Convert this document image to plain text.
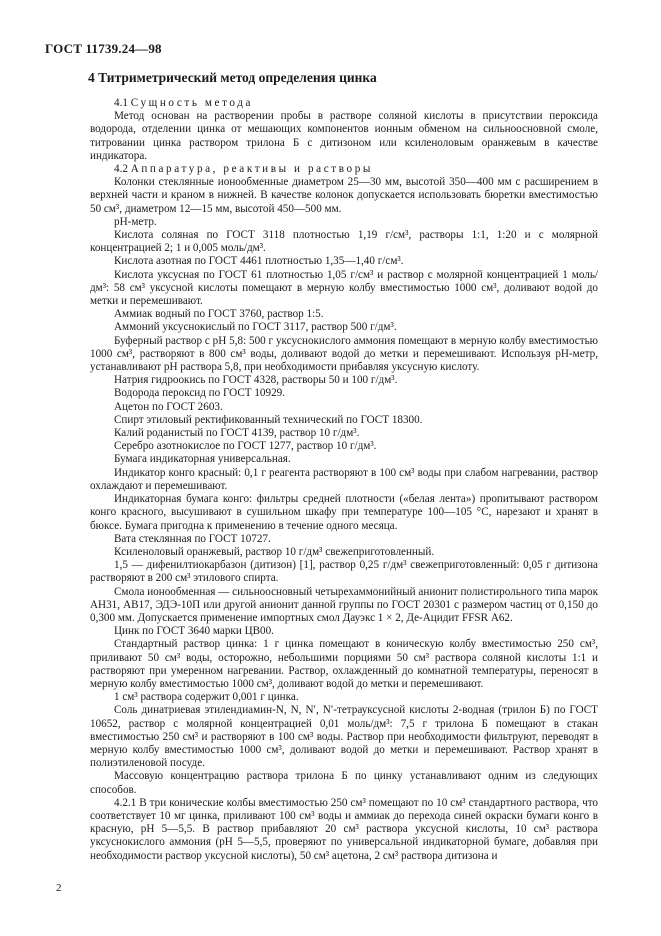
ГОСТ 11739.24—98
4 Титриметрический метод определения цинка

4.1 Сущность метода

Метод основан на растворении пробы в растворе соляной кислоты в присутствии пероксида водорода, отделении цинка от мешающих компонентов ионным обменом на сильноосновной смоле, титровании цинка раствором трилона Б с дитизоном или ксиленоловым оранжевым в качестве индикатора.

4.2 Аппаратура, реактивы и растворы

Колонки стеклянные ионообменные диаметром 25—30 мм, высотой 350—400 мм с расширением в верхней части и краном в нижней. В качестве колонок допускается использовать бюретки вместимостью 50 см³, диаметром 12—15 мм, высотой 450—500 мм.

рН-метр.

Кислота соляная по ГОСТ 3118 плотностью 1,19 г/см³, растворы 1:1, 1:20 и с молярной концентрацией 2; 1 и 0,005 моль/дм³.

Кислота азотная по ГОСТ 4461 плотностью 1,35—1,40 г/см³.

Кислота уксусная по ГОСТ 61 плотностью 1,05 г/см³ и раствор с молярной концентрацией 1 моль/дм³: 58 см³ уксусной кислоты помещают в мерную колбу вместимостью 1000 см³, доливают водой до метки и перемешивают.

Аммиак водный по ГОСТ 3760, раствор 1:5.

Аммоний уксуснокислый по ГОСТ 3117, раствор 500 г/дм³.

Буферный раствор с рН 5,8: 500 г уксуснокислого аммония помещают в мерную колбу вместимостью 1000 см³, растворяют в 800 см³ воды, доливают водой до метки и перемешивают. Используя рН-метр, устанавливают рН раствора 5,8, при необходимости прибавляя уксусную кислоту.

Натрия гидроокись по ГОСТ 4328, растворы 50 и 100 г/дм³.

Водорода пероксид по ГОСТ 10929.

Ацетон по ГОСТ 2603.

Спирт этиловый ректификованный технический по ГОСТ 18300.

Калий роданистый по ГОСТ 4139, раствор 10 г/дм³.

Серебро азотнокислое по ГОСТ 1277, раствор 10 г/дм³.

Бумага индикаторная универсальная.

Индикатор конго красный: 0,1 г реагента растворяют в 100 см³ воды при слабом нагревании, раствор охлаждают и перемешивают.

Индикаторная бумага конго: фильтры средней плотности («белая лента») пропитывают раствором конго красного, высушивают в сушильном шкафу при температуре 100—105 °С, нарезают и хранят в бюксе. Бумага пригодна к применению в течение одного месяца.

Вата стеклянная по ГОСТ 10727.

Ксиленоловый оранжевый, раствор 10 г/дм³ свежеприготовленный.

1,5 — дифенилтиокарбазон (дитизон) [1], раствор 0,25 г/дм³ свежеприготовленный: 0,05 г дитизона растворяют в 200 см³ этилового спирта.

Смола ионообменная — сильноосновный четырехаммонийный анионит полистирольного типа марок АН31, АВ17, ЭДЭ-10П или другой анионит данной группы по ГОСТ 20301 с размером частиц от 0,150 до 0,300 мм. Допускается применение импортных смол Дауэкс 1 × 2, Де-Ацидит FFSR А62.

Цинк по ГОСТ 3640 марки ЦВ00.

Стандартный раствор цинка: 1 г цинка помещают в коническую колбу вместимостью 250 см³, приливают 50 см³ воды, осторожно, небольшими порциями 50 см³ раствора соляной кислоты 1:1 и растворяют при умеренном нагревании. Раствор, охлажденный до комнатной температуры, переносят в мерную колбу вместимостью 1000 см³, доливают водой до метки и перемешивают.

1 см³ раствора содержит 0,001 г цинка.

Соль динатриевая этилендиамин-N, N, N′, N′-тетрауксусной кислоты 2-водная (трилон Б) по ГОСТ 10652, раствор с молярной концентрацией 0,01 моль/дм³: 7,5 г трилона Б помещают в стакан вместимостью 250 см³ и растворяют в 100 см³ воды. Раствор при необходимости фильтруют, переводят в мерную колбу вместимостью 1000 см³, доливают водой до метки и перемешивают. Раствор хранят в полиэтиленовой посуде.

Массовую концентрацию раствора трилона Б по цинку устанавливают одним из следующих способов.

4.2.1 В три конические колбы вместимостью 250 см³ помещают по 10 см³ стандартного раствора, что соответствует 10 мг цинка, приливают 100 см³ воды и аммиак до перехода синей окраски бумаги конго в красную, рН 5—5,5. В раствор прибавляют 20 см³ раствора уксусной кислоты, 10 см³ раствора уксуснокислого аммония (рН 5—5,5, проверяют по универсальной индикаторной бумаге, добавляя при необходимости раствор уксусной кислоты), 50 см³ ацетона, 2 см³ раствора дитизона и

2
